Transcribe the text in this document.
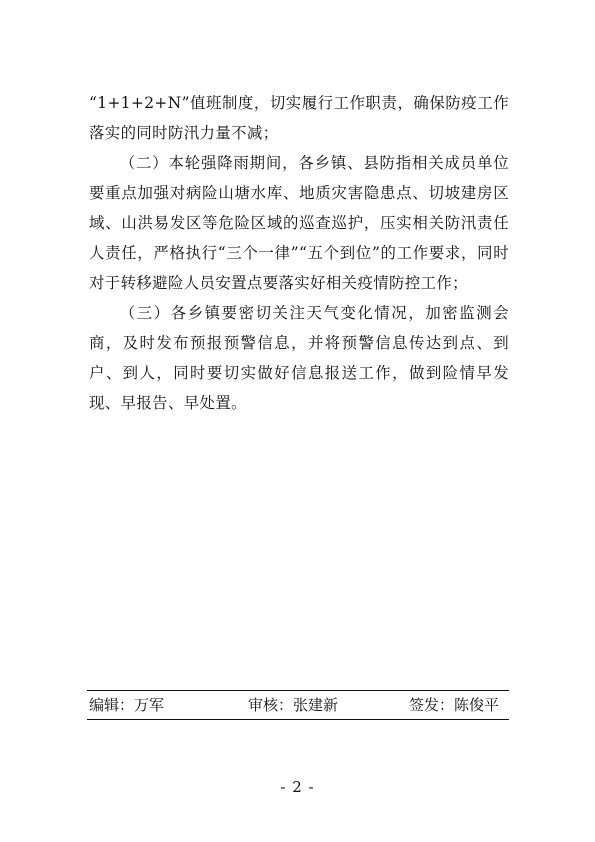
“1+1+2+N”值班制度，切实履行工作职责，确保防疫工作落实的同时防汛力量不减；

（二）本轮强降雨期间，各乡镇、县防指相关成员单位要重点加强对病险山塘水库、地质灾害隐患点、切坡建房区域、山洪易发区等危险区域的巡查巡护，压实相关防汛责任人责任，严格执行“三个一律”“五个到位”的工作要求，同时对于转移避险人员安置点要落实好相关疫情防控工作；

（三）各乡镇要密切关注天气变化情况，加密监测会商，及时发布预报预警信息，并将预警信息传达到点、到户、到人，同时要切实做好信息报送工作，做到险情早发现、早报告、早处置。

编辑：万军	审核：张建新	签发：陈俊平
- 2 -
